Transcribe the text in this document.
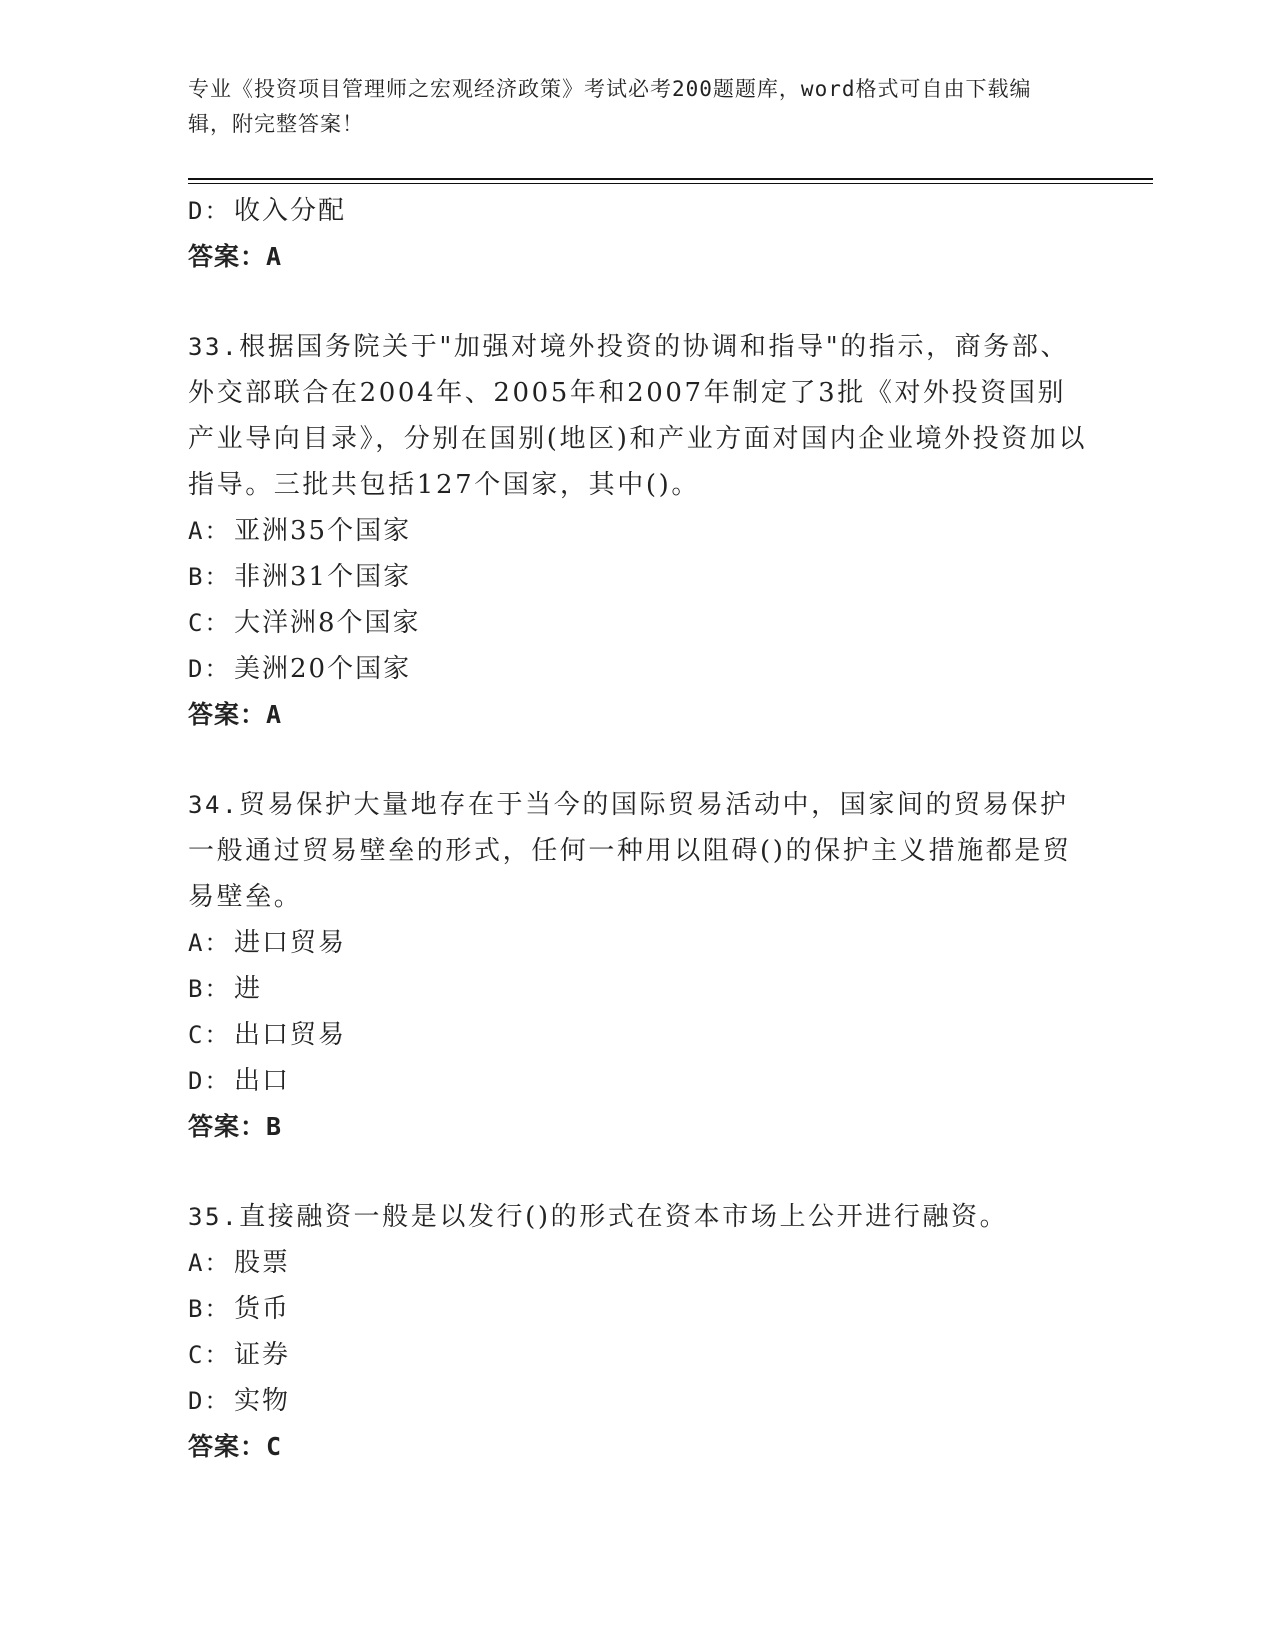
专业《投资项目管理师之宏观经济政策》考试必考200题题库，word格式可自由下载编辑，附完整答案！
D： 收入分配
答案：A

33.根据国务院关于"加强对境外投资的协调和指导"的指示，商务部、外交部联合在2004年、2005年和2007年制定了3批《对外投资国别产业导向目录》，分别在国别(地区)和产业方面对国内企业境外投资加以指导。三批共包括127个国家，其中()。

A： 亚洲35个国家
B： 非洲31个国家
C： 大洋洲8个国家
D： 美洲20个国家
答案：A

34.贸易保护大量地存在于当今的国际贸易活动中，国家间的贸易保护一般通过贸易壁垒的形式，任何一种用以阻碍()的保护主义措施都是贸易壁垒。

A： 进口贸易
B： 进
C： 出口贸易
D： 出口
答案：B

35.直接融资一般是以发行()的形式在资本市场上公开进行融资。

A： 股票
B： 货币
C： 证券
D： 实物
答案：C
